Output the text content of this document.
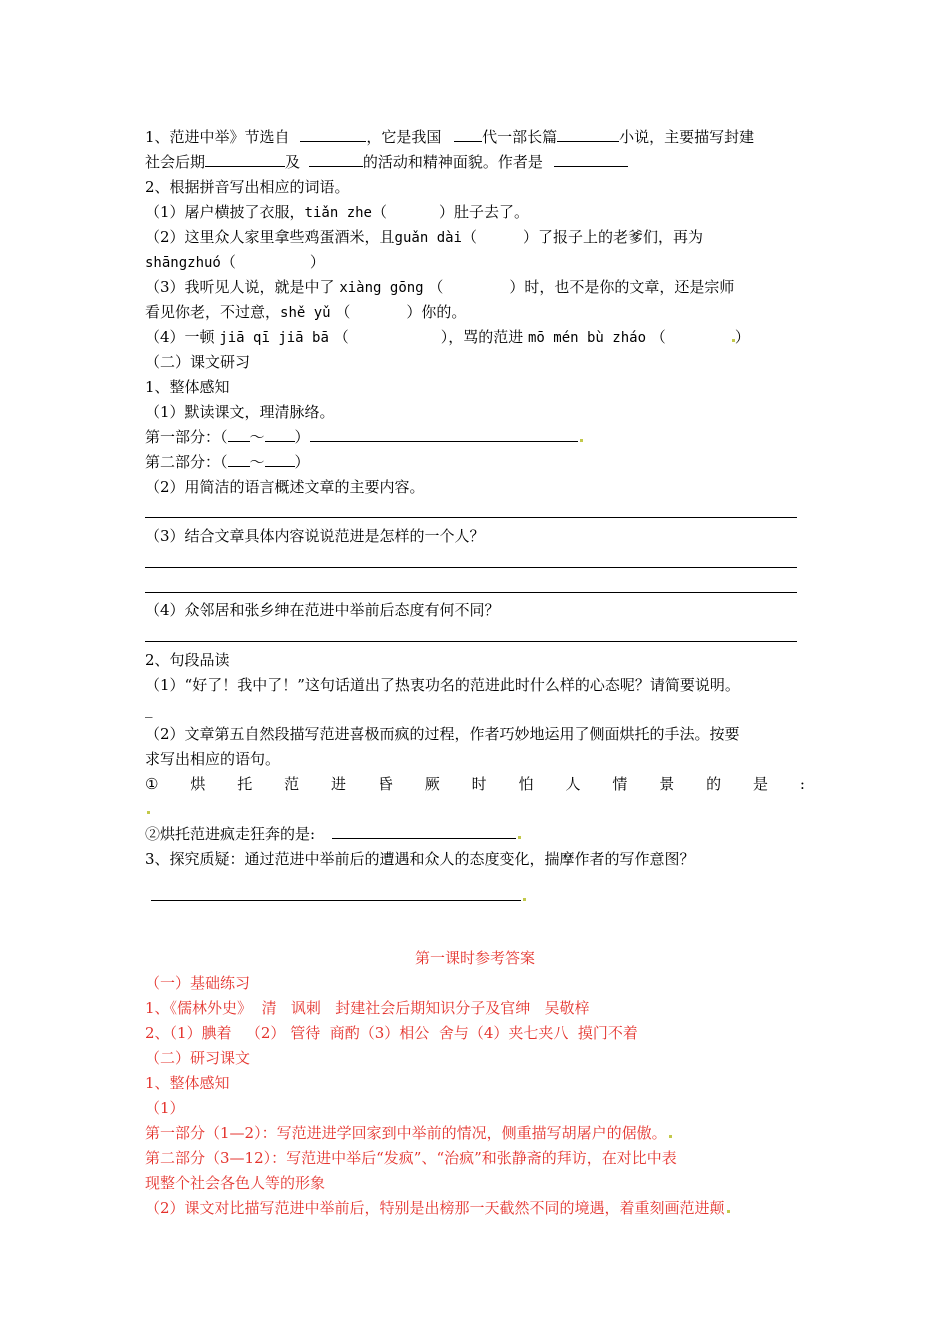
1、范进中举》节选自	，它是我国	代一部长篇	小说，主要描写封建
社会后期	及	的活动和精神面貌。作者是
2、根据拼音写出相应的词语。
（1）屠户横披了衣服，tiǎn zhe（	）肚子去了。
（2）这里众人家里拿些鸡蛋酒米，且guǎn dài（	）了报子上的老爹们，再为
shāngzhuó（	）
（3）我听见人说，就是中了 xiàng gōng （	）时，也不是你的文章，还是宗师
看见你老，不过意，shě yǔ （	）你的。
（4）一顿 jiā qī jiā bā （	），骂的范进 mō mén bù zháo （	）
（二）课文研习
1、整体感知
（1）默读课文，理清脉络。
第一部分：（ ～ ）
第二部分：（ ～ ）
（2）用简洁的语言概述文章的主要内容。
（3）结合文章具体内容说说范进是怎样的一个人？
（4）众邻居和张乡绅在范进中举前后态度有何不同？
2、句段品读
（1）“好了！我中了！”这句话道出了热衷功名的范进此时什么样的心态呢？请简要说明。
_
（2）文章第五自然段描写范进喜极而疯的过程，作者巧妙地运用了侧面烘托的手法。按要
求写出相应的语句。
① 烘 托 范 进 昏 厥 时 怕 人 情 景 的 是 :
②烘托范进疯走狂奔的是:
3、探究质疑：通过范进中举前后的遭遇和众人的态度变化，揣摩作者的写作意图？
第一课时参考答案
（一）基础练习
1、《儒林外史》  清   讽刺   封建社会后期知识分子及官绅   吴敬梓
2、（1）腆着   （2） 管待  商酌（3）相公  舍与（4）夹七夹八  摸门不着
（二）研习课文
1、整体感知
（1）
第一部分（1—2）：写范进进学回家到中举前的情况，侧重描写胡屠户的倨傲。
第二部分（3—12）：写范进中举后“发疯”、“治疯”和张静斋的拜访，在对比中表
现整个社会各色人等的形象
（2）课文对比描写范进中举前后，特别是出榜那一天截然不同的境遇，着重刻画范进颠
